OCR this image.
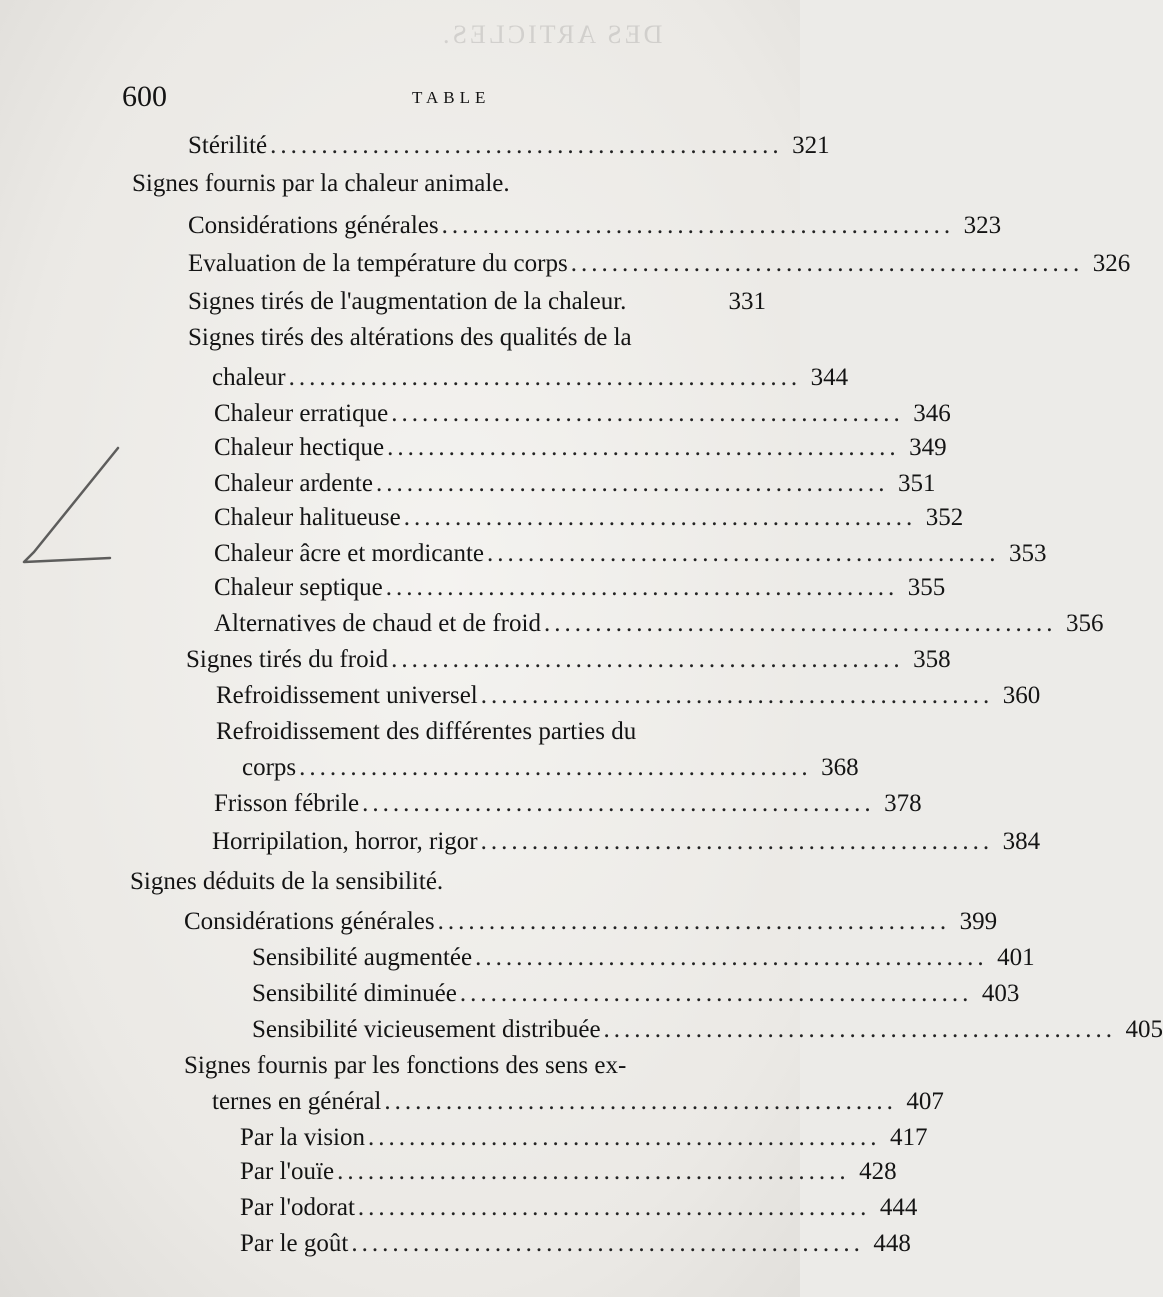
DES ARTICLES.
600	TABLE
Stérilité .................................................. 321
Signes fournis par la chaleur animale.
Considérations générales .................................................. 323
Evaluation de la température du corps .................................................. 326
Signes tirés de l'augmentation de la chaleur.	331
Signes tirés des altérations des qualités de la
chaleur .................................................. 344
Chaleur erratique .................................................. 346
Chaleur hectique .................................................. 349
Chaleur ardente .................................................. 351
Chaleur halitueuse .................................................. 352
Chaleur âcre et mordicante .................................................. 353
Chaleur septique .................................................. 355
Alternatives de chaud et de froid .................................................. 356
Signes tirés du froid .................................................. 358
Refroidissement universel .................................................. 360
Refroidissement des différentes parties du
corps .................................................. 368
Frisson fébrile .................................................. 378
Horripilation, horror, rigor .................................................. 384
Signes déduits de la sensibilité.
Considérations générales .................................................. 399
Sensibilité augmentée .................................................. 401
Sensibilité diminuée .................................................. 403
Sensibilité vicieusement distribuée .................................................. 405
Signes fournis par les fonctions des sens ex-
ternes en général .................................................. 407
Par la vision .................................................. 417
Par l'ouïe .................................................. 428
Par l'odorat .................................................. 444
Par le goût .................................................. 448
